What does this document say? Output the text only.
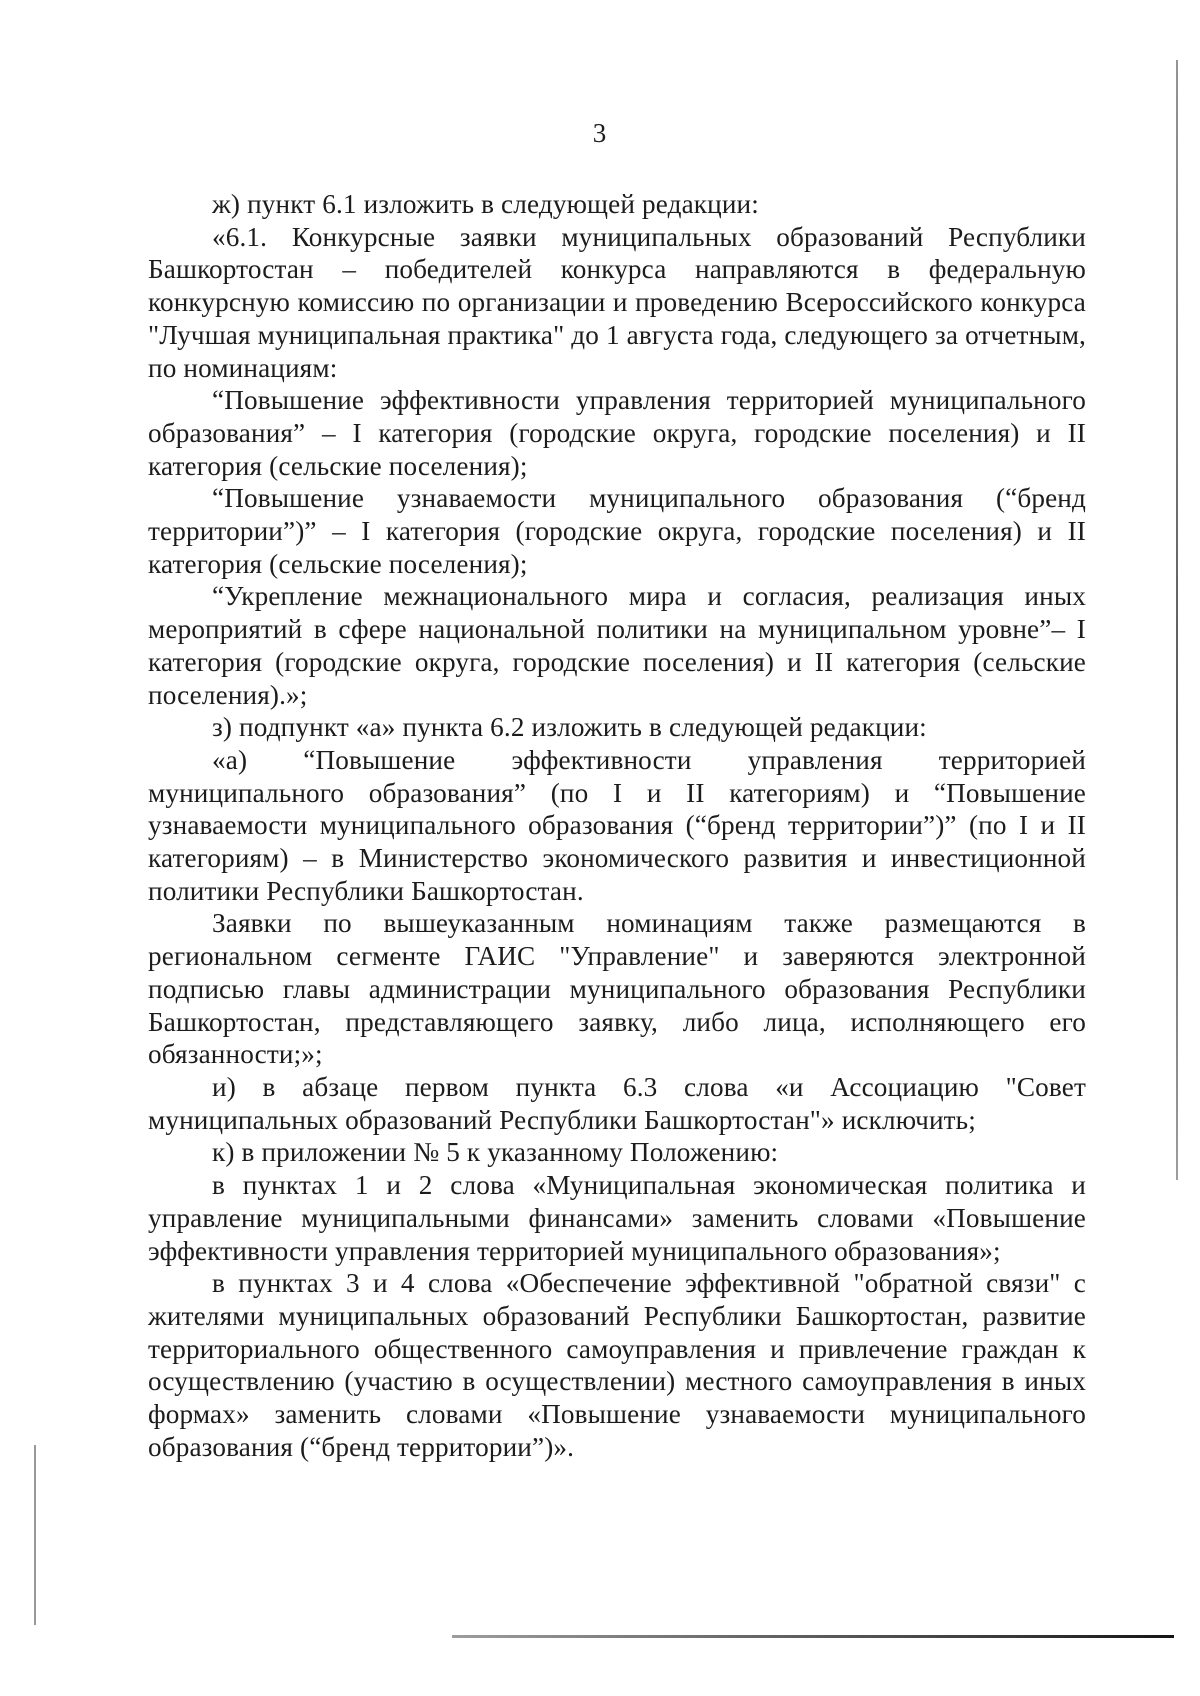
3

ж) пункт 6.1 изложить в следующей редакции:

«6.1. Конкурсные заявки муниципальных образований Республики Башкортостан – победителей конкурса направляются в федеральную конкурсную комиссию по организации и проведению Всероссийского конкурса "Лучшая муниципальная практика" до 1 августа года, следующего за отчетным, по номинациям:

“Повышение эффективности управления территорией муниципального образования” – I категория (городские округа, городские поселения) и II категория (сельские поселения);

“Повышение узнаваемости муниципального образования (“бренд территории”)” – I категория (городские округа, городские поселения) и II категория (сельские поселения);

“Укрепление межнационального мира и согласия, реализация иных мероприятий в сфере национальной политики на муниципальном уровне”– I категория (городские округа, городские поселения) и II категория (сельские поселения).»;

з) подпункт «а» пункта 6.2 изложить в следующей редакции:

«а) “Повышение эффективности управления территорией муниципального образования” (по I и II категориям) и “Повышение узнаваемости муниципального образования (“бренд территории”)” (по I и II категориям) – в Министерство экономического развития и инвестиционной политики Республики Башкортостан.

Заявки по вышеуказанным номинациям также размещаются в региональном сегменте ГАИС "Управление" и заверяются электронной подписью главы администрации муниципального образования Республики Башкортостан, представляющего заявку, либо лица, исполняющего его обязанности;»;

и) в абзаце первом пункта 6.3 слова «и Ассоциацию "Совет муниципальных образований Республики Башкортостан"» исключить;

к) в приложении № 5 к указанному Положению:

в пунктах 1 и 2 слова «Муниципальная экономическая политика и управление муниципальными финансами» заменить словами «Повышение эффективности управления территорией муниципального образования»;

в пунктах 3 и 4 слова «Обеспечение эффективной "обратной связи" с жителями муниципальных образований Республики Башкортостан, развитие территориального общественного самоуправления и привлечение граждан к осуществлению (участию в осуществлении) местного самоуправления в иных формах» заменить словами «Повышение узнаваемости муниципального образования (“бренд территории”)».
